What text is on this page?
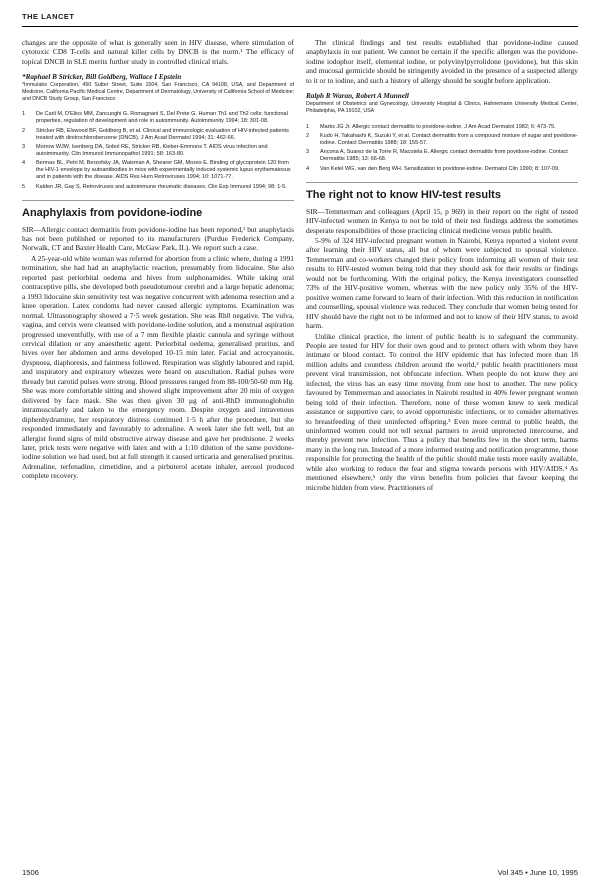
THE LANCET

changes are the opposite of what is generally seen in HIV disease, where stimulation of cytotoxic CD8 T-cells and natural killer cells by DNCB is the norm.¹ The efficacy of topical DNCB in SLE merits further study in controlled clinical trials.

*Raphael B Stricker, Bill Goldberg, Wallace I Epstein
*Immulabs Corporation, 450 Sutter Street, Suite 1504, San Francisco, CA 94108, USA, and Department of Medicine, California Pacific Medical Centre, Department of Dermatology, University of California School of Medicine; and DNCB Study Group, San Francisco
1 De Carli M, D'Elios MM, Zancuoghi G, Romagnani S, Del Prete G. Human Th1 and Th2 cells: functional properties, regulation of development and role in autoimmunity. Autoimmunity 1994; 18: 301-08.
2 Stricker RB, Elswood BF, Goldberg B, et al. Clinical and immunologic evaluation of HIV-infected patients treated with dinitrochlorobenzene (DNCB). J Am Acad Dermatol 1994; 31: 462-66.
3 Morrow WJW, Isenberg DA, Sobol RE, Stricker RB, Kieber-Emmons T. AIDS virus infection and autoimmunity. Clin Immunol Immunopathol 1991; 58: 163-80.
4 Bermas BL, Petri M, Berzofsky JA, Waisman A, Shearer GM, Mozes E. Binding of glycoprotein 120 from the HIV-1 envelope by autoantibodies in mice with experimentally induced systemic lupus erythematosus and in patients with the disease. AIDS Res Hum Retroviruses 1994; 10: 1071-77.
5 Kalden JR, Gay S. Retroviruses and autoimmune rheumatic diseases. Clin Exp Immunol 1994; 98: 1-5.
Anaphylaxis from povidone-iodine

SIR—Allergic contact dermatitis from povidone-iodine has been reported,¹ but anaphylaxis has not been published or reported to its manufacturers (Purdue Frederick Company, Norwalk, CT and Baxter Health Care, McGaw Park, IL). We report such a case.

A 25-year-old white woman was referred for abortion from a clinic where, during a 1991 termination, she had had an anaphylactic reaction, presumably from lidocaine. She also reported past periorbital oedema and hives from sulphonamides. While taking oral contraceptive pills, she developed both pseudotumour cerebri and a large hepatic adenoma; a 1993 lidocaine skin sensitivity test was negative concurrent with adenoma resection and a knee operation. Latex condoms had never caused allergic symptoms. Examination was normal. Ultrasonography showed a 7·5 week gestation. She was Rh0 negative. The vulva, vagina, and cervix were cleansed with povidone-iodine solution, and a menstrual aspiration progressed uneventfully, with use of a 7 mm flexible plastic cannula and syringe without cervical dilation or any anaesthetic agent. Periorbital oedema, generalised pruritus, and hives over her abdomen and arms developed 10-15 min later. Facial and acrocyanosis, dyspnoea, diaphoresis, and faintness followed. Respiration was slightly laboured and rapid, and inspiratory and expiratory wheezes were heard on auscultation. Radial pulses were thready but carotid pulses were strong. Blood pressures ranged from 88-100/50-60 mm Hg. She was more comfortable sitting and showed slight improvement after 20 min of oxygen delivered by face mask. She was then given 30 μg of anti-RhD immunoglobulin intramuscularly and taken to the emergency room. Despite oxygen and intravenous diphenhydramine, her respiratory distress continued 1·5 h after the procedure, but she responded immediately and favourably to adrenaline. A week later she felt well, but an allergist found signs of mild obstructive airway disease and gave her prednisone. 2 weeks later, prick tests were negative with latex and with a 1:10 dilution of the same povidone-iodine solution we had used, but at full strength it caused urticaria and generalised pruritus. Adrenaline, terfenadine, cimetidine, and a pirbuterol acetate inhaler, aerosol produced complete recovery.

The clinical findings and test results established that povidone-iodine caused anaphylaxis in our patient. We cannot be certain if the specific allergen was the povidone-iodine iodophor itself, elemental iodine, or polyvinylpyrrolidone (povidone), but this skin and mucosal germicide should be stringently avoided in the presence of a suspected allergy to it or to iodine, and such a history of allergy should be sought before application.

Ralph R Waran, Robert A Munnell
Department of Obstetrics and Gynecology, University Hospital & Clinics, Hahnemann University Medical Center, Philadelphia, PA 19102, USA
1 Marks JG Jr. Allergic contact dermatitis to povidone-iodine. J Am Acad Dermatol 1982; 6: 473-75.
2 Kudo H, Takahashi K, Suzuki Y, et al. Contact dermatitis from a compound mixture of sugar and povidone-iodine. Contact Dermatitis 1988; 18: 155-57.
3 Ancona A, Suarez de la Torre R, Macotela E. Allergic contact dermatitis from povidone-iodine. Contact Dermatitis 1985; 13: 66-68.
4 Van Ketel WG, van den Berg WH. Sensitization to povidone-iodine. Dermatol Clin 1990; 8: 107-09.
The right not to know HIV-test results

SIR—Temmerman and colleagues (April 15, p 969) in their report on the right of tested HIV-infected women in Kenya to not be told of their test findings address the sometimes desperate responsibilities of those practicing clinical medicine versus public health.

5-9% of 324 HIV-infected pregnant women in Nairobi, Kenya reported a violent event after learning their HIV status, all but of whom were subjected to spousal violence. Temmerman and co-workers changed their policy from informing all women of their test results to HIV-tested women being told that they should ask for their results or findings would not be forthcoming. With the original policy, the Kenya investigators counselled 73% of the HIV-positive women, whereas with the new policy only 35% of the HIV-positive women came forward to learn of their infection. With this reduction in notification and counselling, spousal violence was reduced. They conclude that women being tested for HIV should have the right not to be informed and not to know of their HIV status, to avoid harm.

Unlike clinical practice, the intent of public health is to safeguard the community. People are tested for HIV for their own good and to protect others with whom they have intimate or blood contact. To control the HIV epidemic that has infected more than 18 million adults and countless children around the world,² public health practitioners must prevent viral transmission, not obfuscate infection. When people do not know they are infected, the virus has an easy time moving from one host to another. The new policy favoured by Temmerman and associates in Nairobi resulted in 40% fewer pregnant women being told of their infection. Therefore, none of these women knew to seek medical assistance or supportive care, to avoid opportunistic infections, or to consider alternatives to breastfeeding of their uninfected offspring.³ Even more central to public health, the uninformed women could not tell sexual partners to avoid unprotected intercourse, and thereby prevent new infection. Thus a policy that benefits few in the short term, harms many in the long run. Instead of a more informed testing and notification programme, those responsible for protecting the health of the public should make tests more easily available, while also working to reduce the fear and stigma towards persons with HIV/AIDS.⁴ As mentioned elsewhere,⁵ only the virus benefits from policies that favour keeping the microbe hidden from view. Practitioners of

1506	Vol 345 • June 10, 1995
